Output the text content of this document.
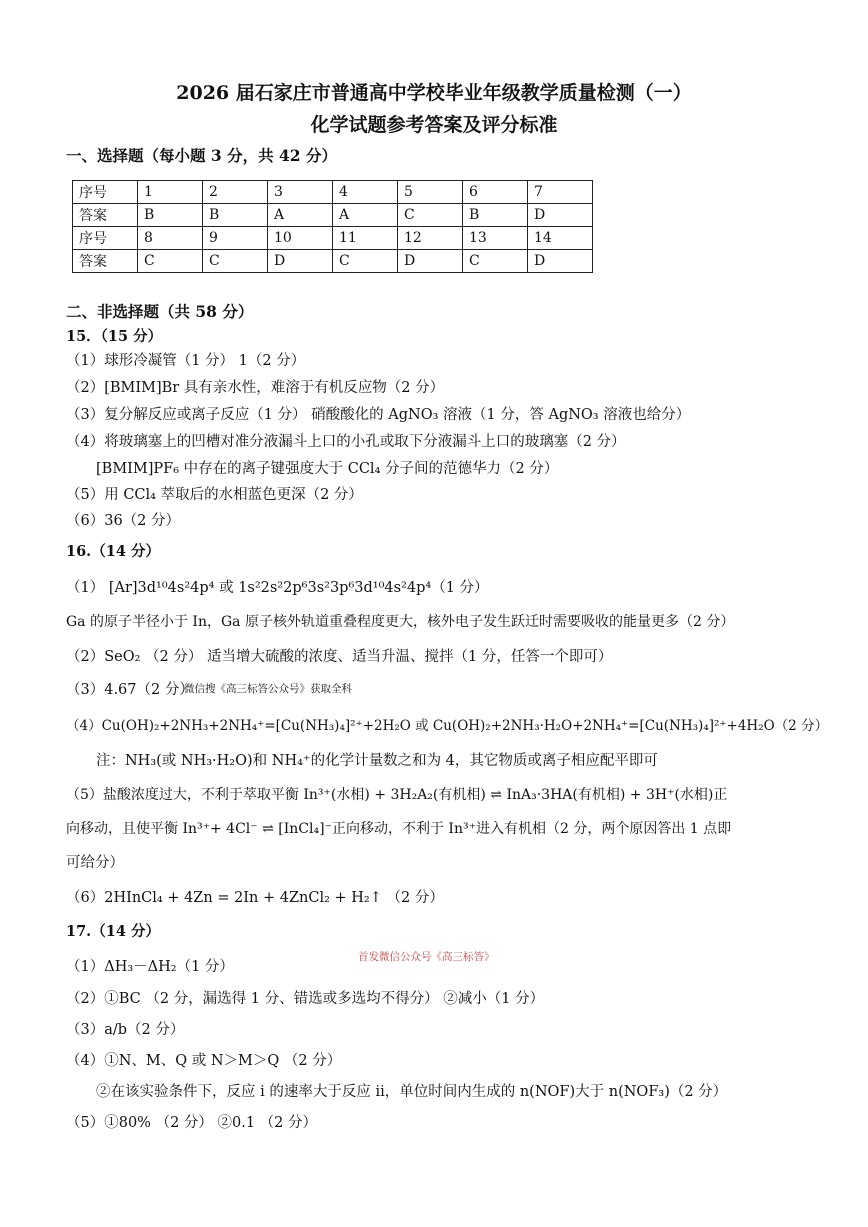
2026 届石家庄市普通高中学校毕业年级教学质量检测（一）
化学试题参考答案及评分标准
一、选择题（每小题 3 分，共 42 分）
序号	1	2	3	4	5	6	7
答案	B	B	A	A	C	B	D
序号	8	9	10	11	12	13	14
答案	C	C	D	C	D	C	D
二、非选择题（共 58 分）
15．（15 分）
（1）球形冷凝管（1 分） 1（2 分）
（2）[BMIM]Br 具有亲水性，难溶于有机反应物（2 分）
（3）复分解反应或离子反应（1 分） 硝酸酸化的 AgNO₃ 溶液（1 分，答 AgNO₃ 溶液也给分）
（4）将玻璃塞上的凹槽对准分液漏斗上口的小孔或取下分液漏斗上口的玻璃塞（2 分）
[BMIM]PF₆ 中存在的离子键强度大于 CCl₄ 分子间的范德华力（2 分）
（5）用 CCl₄ 萃取后的水相蓝色更深（2 分）
（6）36（2 分）
16.（14 分）
（1） [Ar]3d¹⁰4s²4p⁴ 或 1s²2s²2p⁶3s²3p⁶3d¹⁰4s²4p⁴（1 分）
Ga 的原子半径小于 In，Ga 原子核外轨道重叠程度更大，核外电子发生跃迁时需要吸收的能量更多（2 分）
（2）SeO₂ （2 分） 适当增大硫酸的浓度、适当升温、搅拌（1 分，任答一个即可）
（3）4.67（2 分）
微信搜《高三标答公众号》获取全科
（4）Cu(OH)₂+2NH₃+2NH₄⁺=[Cu(NH₃)₄]²⁺+2H₂O 或 Cu(OH)₂+2NH₃·H₂O+2NH₄⁺=[Cu(NH₃)₄]²⁺+4H₂O（2 分）
注：NH₃(或 NH₃·H₂O)和 NH₄⁺的化学计量数之和为 4，其它物质或离子相应配平即可
（5）盐酸浓度过大，不利于萃取平衡 In³⁺(水相) + 3H₂A₂(有机相) ⇌ InA₃·3HA(有机相) + 3H⁺(水相)正
向移动，且使平衡 In³⁺+ 4Cl⁻ ⇌ [InCl₄]⁻正向移动，不利于 In³⁺进入有机相（2 分，两个原因答出 1 点即
可给分）
（6）2HInCl₄ + 4Zn = 2In + 4ZnCl₂ + H₂↑ （2 分）
17.（14 分）
首发微信公众号《高三标答》
（1）ΔH₃－ΔH₂（1 分）
（2）①BC （2 分，漏选得 1 分、错选或多选均不得分） ②减小（1 分）
（3）a/b（2 分）
（4）①N、M、Q 或 N＞M＞Q （2 分）
②在该实验条件下，反应 i 的速率大于反应 ii，单位时间内生成的 n(NOF)大于 n(NOF₃)（2 分）
（5）①80% （2 分） ②0.1 （2 分）
